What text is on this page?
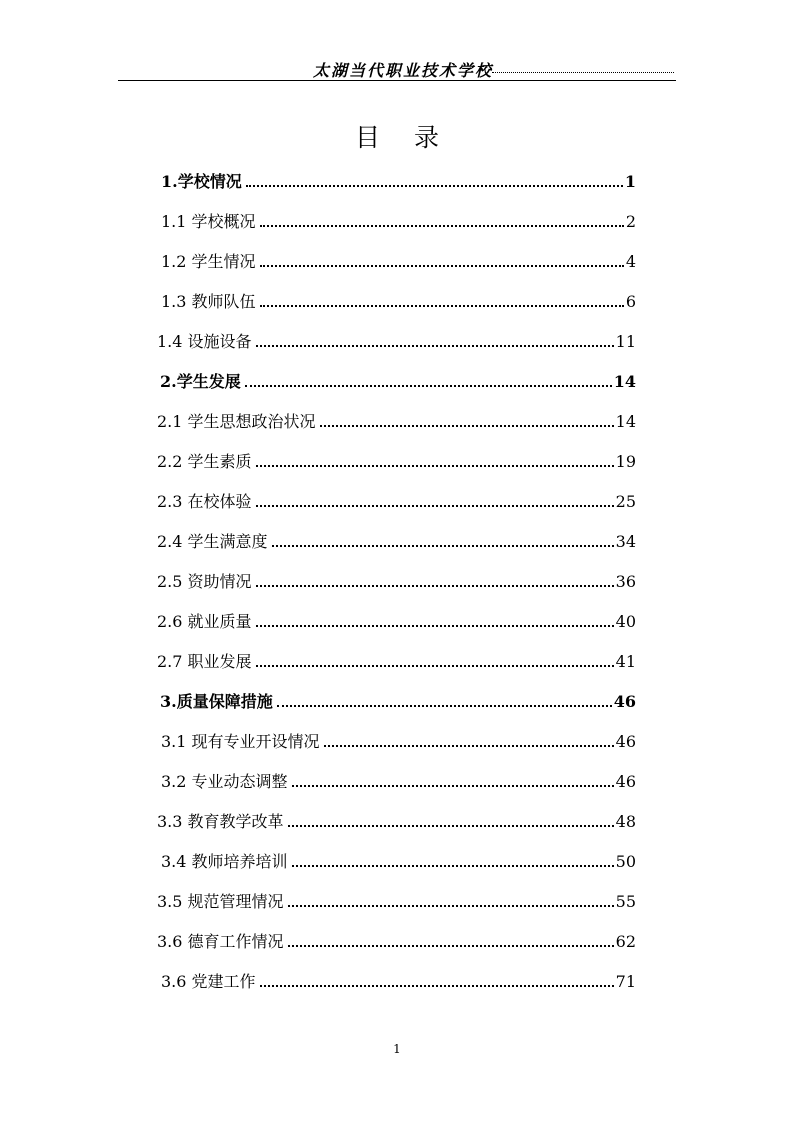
太湖当代职业技术学校
目录
1.学校情况	1
1.1 学校概况	2
1.2 学生情况	4
1.3 教师队伍	6
1.4 设施设备	11
2.学生发展	14
2.1 学生思想政治状况	14
2.2 学生素质	19
2.3 在校体验	25
2.4 学生满意度	34
2.5 资助情况	36
2.6 就业质量	40
2.7 职业发展	41
3.质量保障措施	46
3.1 现有专业开设情况	46
3.2 专业动态调整	46
3.3 教育教学改革	48
3.4 教师培养培训	50
3.5 规范管理情况	55
3.6 德育工作情况	62
3.6 党建工作	71
1
